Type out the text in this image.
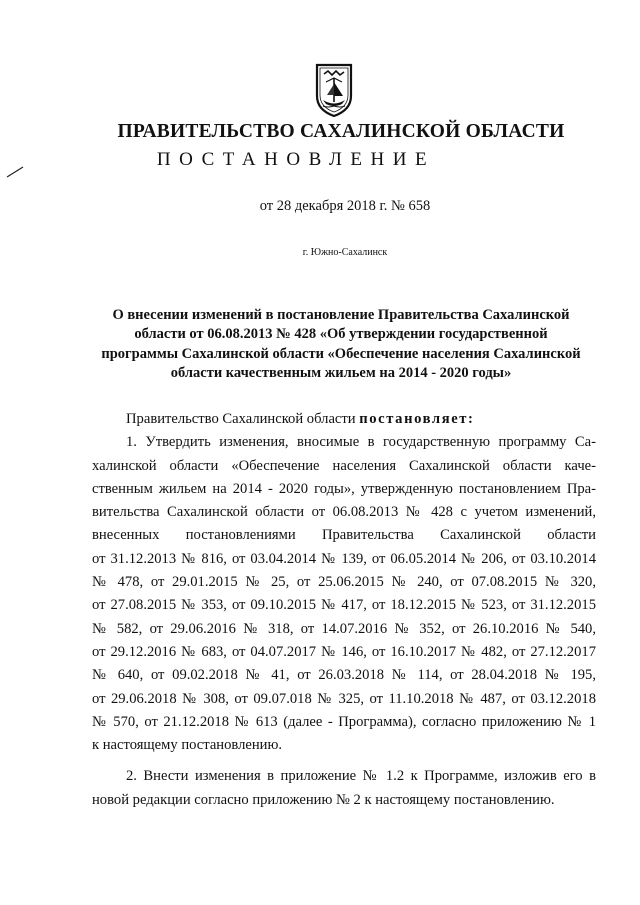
ПРАВИТЕЛЬСТВО САХАЛИНСКОЙ ОБЛАСТИ
ПОСТАНОВЛЕНИЕ
от 28 декабря 2018 г. № 658
г. Южно-Сахалинск
О внесении изменений в постановление Правительства Сахалинской
области от 06.08.2013 № 428 «Об утверждении государственной
программы Сахалинской области «Обеспечение населения Сахалинской
области качественным жильем на 2014 - 2020 годы»
Правительство Сахалинской области постановляет:
1. Утвердить изменения, вносимые в государственную программу Са-
халинской области «Обеспечение населения Сахалинской области каче-
ственным жильем на 2014 - 2020 годы», утвержденную постановлением Пра-
вительства Сахалинской области от 06.08.2013 № 428 с учетом изменений,
внесенных постановлениями Правительства Сахалинской области
от 31.12.2013 № 816, от 03.04.2014 № 139, от 06.05.2014 № 206, от 03.10.2014
№ 478, от 29.01.2015 № 25, от 25.06.2015 № 240, от 07.08.2015 № 320,
от 27.08.2015 № 353, от 09.10.2015 № 417, от 18.12.2015 № 523, от 31.12.2015
№ 582, от 29.06.2016 № 318, от 14.07.2016 № 352, от 26.10.2016 № 540,
от 29.12.2016 № 683, от 04.07.2017 № 146, от 16.10.2017 № 482, от 27.12.2017
№ 640, от 09.02.2018 № 41, от 26.03.2018 № 114, от 28.04.2018 № 195,
от 29.06.2018 № 308, от 09.07.018 № 325, от 11.10.2018 № 487, от 03.12.2018
№ 570, от 21.12.2018 № 613 (далее - Программа), согласно приложению № 1
к настоящему постановлению.
2. Внести изменения в приложение № 1.2 к Программе, изложив его в
новой редакции согласно приложению № 2 к настоящему постановлению.
